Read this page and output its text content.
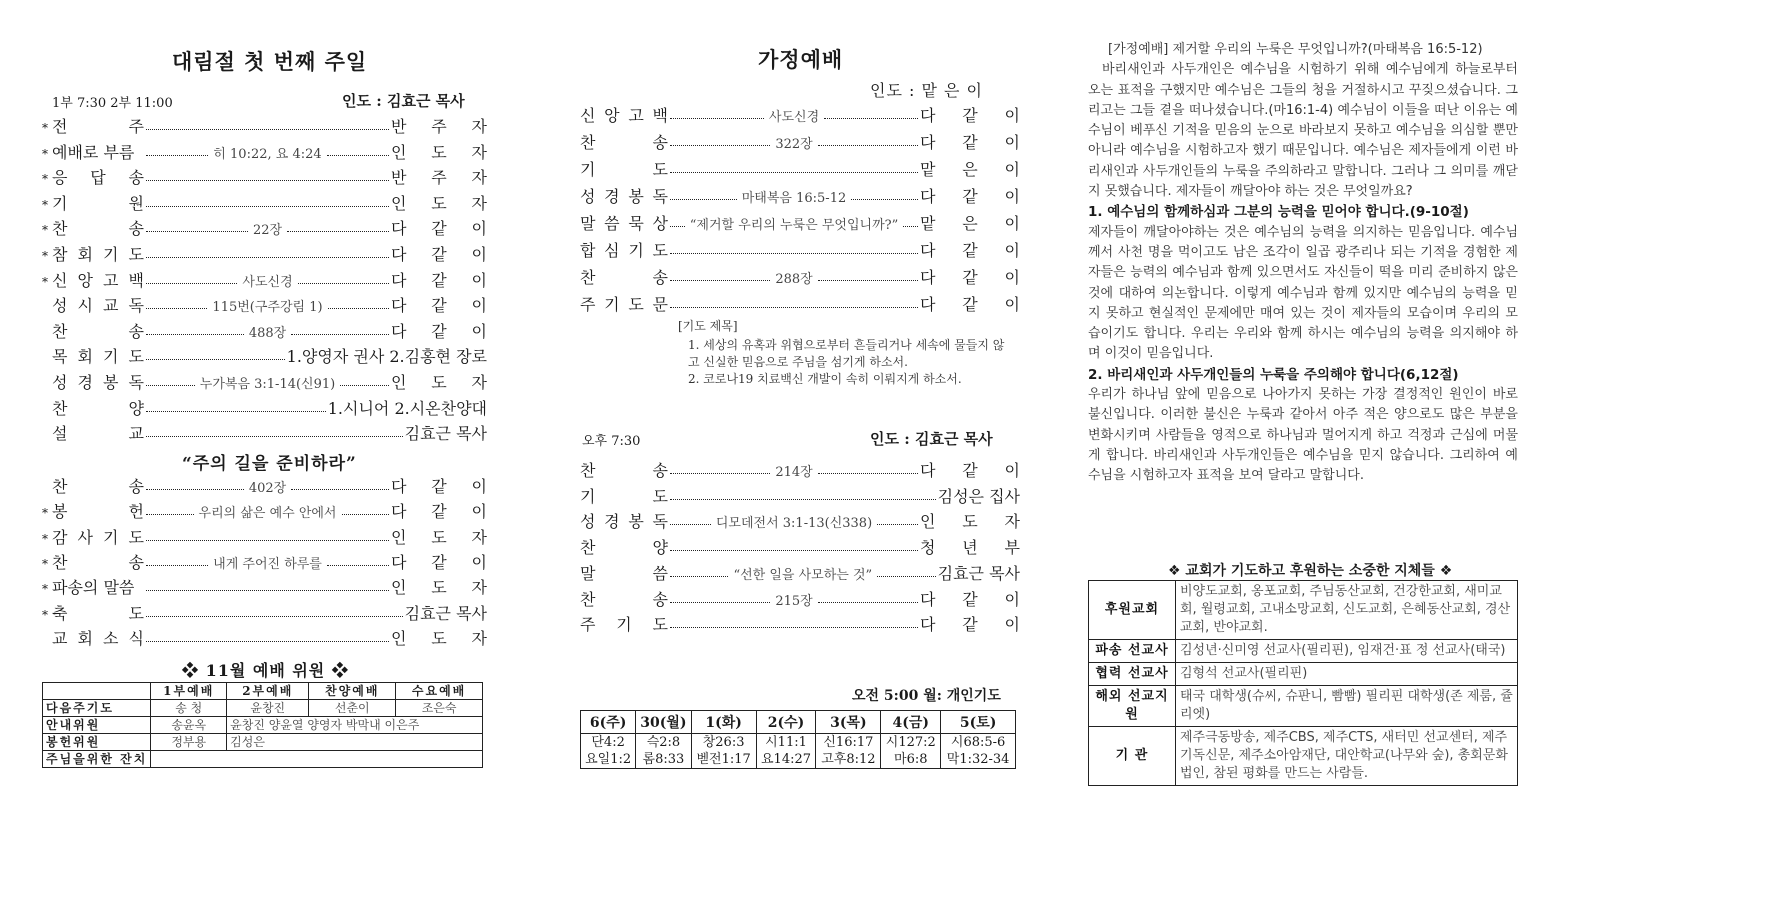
대림절 첫 번째 주일
1부 7:30 2부 11:00	인도 : 김효근 목사
* 전	주	반 주 자
* 예배로 부름	히 10:22, 요 4:24	인 도 자
* 응 답 송	반 주 자
* 기	원	인 도 자
* 찬	송	22장	다 같 이
* 참 회 기 도	다 같 이
* 신 앙 고 백	사도신경	다 같 이
성 시 교 독	115번(구주강림 1)	다 같 이
찬	송	488장	다 같 이
목 회 기 도	1.양영자 권사 2.김홍현 장로
성 경 봉 독	누가복음 3:1-14(신91)	인 도 자
찬	양	1.시니어 2.시온찬양대
설	교	김효근 목사
“주의 길을 준비하라”
찬	송	402장	다 같 이
* 봉	헌	우리의 삶은 예수 안에서	다 같 이
* 감 사 기 도	인 도 자
* 찬	송	내게 주어진 하루를	다 같 이
* 파송의 말씀	인 도 자
* 축	도	김효근 목사
교 회 소 식	인 도 자
❖ 11월 예배 위원 ❖
	1부예배	2부예배	찬양예배	수요예배
다음주기도	송 청	윤창진	선춘이	조은숙
안내위원	송윤옥	윤창진 양윤열 양영자 박막내 이은주		
봉헌위원	정부용	김성은		
주님을위한 잔치				
가정예배
인도 : 맡 은 이
신 앙 고 백	사도신경	다 같 이
찬	송	322장	다 같 이
기	도	맡 은 이
성 경 봉 독	마태복음 16:5-12	다 같 이
말 씀 묵 상 “제거할 우리의 누룩은 무엇입니까?” 맡 은 이
합 심 기 도	다 같 이
찬	송	288장	다 같 이
주 기 도 문	다 같 이
[기도 제목]
1. 세상의 유혹과 위협으로부터 흔들리거나 세속에 물들지 않고 신실한 믿음으로 주님을 섬기게 하소서.
2. 코로나19 치료백신 개발이 속히 이뤄지게 하소서.
오후 7:30	인도 : 김효근 목사
찬	송	214장	다 같 이
기	도	김성은 집사
성 경 봉 독	디모데전서 3:1-13(신338)	인 도 자
찬	양	청 년 부
말	씀	“선한 일을 사모하는 것”	김효근 목사
찬	송	215장	다 같 이
주 기 도	다 같 이
오전 5:00 월: 개인기도
6(주)	30(월)	1(화)	2(수)	3(목)	4(금)	5(토)
단4:2	슥2:8	창26:3	시11:1	신16:17	시127:2	시68:5-6
요일1:2	롬8:33	벧전1:17	요14:27	고후8:12	마6:8	막1:32-34

[가정예배] 제거할 우리의 누룩은 무엇입니까?(마태복음 16:5-12)

바리새인과 사두개인은 예수님을 시험하기 위해 예수님에게 하늘로부터 오는 표적을 구했지만 예수님은 그들의 청을 거절하시고 꾸짖으셨습니다. 그리고는 그들 곁을 떠나셨습니다.(마16:1-4) 예수님이 이들을 떠난 이유는 예수님이 베푸신 기적을 믿음의 눈으로 바라보지 못하고 예수님을 의심할 뿐만 아니라 예수님을 시험하고자 했기 때문입니다. 예수님은 제자들에게 이런 바리새인과 사두개인들의 누룩을 주의하라고 말합니다. 그러나 그 의미를 깨닫지 못했습니다. 제자들이 깨달아야 하는 것은 무엇일까요?

1. 예수님의 함께하심과 그분의 능력을 믿어야 합니다.(9-10절)

제자들이 깨달아야하는 것은 예수님의 능력을 의지하는 믿음입니다. 예수님께서 사천 명을 먹이고도 남은 조각이 일곱 광주리나 되는 기적을 경험한 제자들은 능력의 예수님과 함께 있으면서도 자신들이 떡을 미리 준비하지 않은 것에 대하여 의논합니다. 이렇게 예수님과 함께 있지만 예수님의 능력을 믿지 못하고 현실적인 문제에만 매여 있는 것이 제자들의 모습이며 우리의 모습이기도 합니다. 우리는 우리와 함께 하시는 예수님의 능력을 의지해야 하며 이것이 믿음입니다.

2. 바리새인과 사두개인들의 누룩을 주의해야 합니다(6,12절)

우리가 하나님 앞에 믿음으로 나아가지 못하는 가장 결정적인 원인이 바로 불신입니다. 이러한 불신은 누룩과 같아서 아주 적은 양으로도 많은 부분을 변화시키며 사람들을 영적으로 하나님과 멀어지게 하고 걱정과 근심에 머물게 합니다. 바리새인과 사두개인들은 예수님을 믿지 않습니다. 그리하여 예수님을 시험하고자 표적을 보여 달라고 말합니다.

❖ 교회가 기도하고 후원하는 소중한 지체들 ❖
후원교회	비양도교회, 옹포교회, 주님동산교회, 건강한교회, 새미교회, 월령교회, 고내소망교회, 신도교회, 은혜동산교회, 경산교회, 반야교회.
파송 선교사	김성년·신미영 선교사(필리핀), 임재건·표 정 선교사(태국)
협력 선교사	김형석 선교사(필리핀)
해외 선교지원	태국 대학생(슈씨, 슈판니, 빰빰) 필리핀 대학생(존 제룸, 쥴리엣)
기 관	제주극동방송, 제주CBS, 제주CTS, 새터민 선교센터, 제주기독신문, 제주소아암재단, 대안학교(나무와 숲), 총회문화법인, 참된 평화를 만드는 사람들.
